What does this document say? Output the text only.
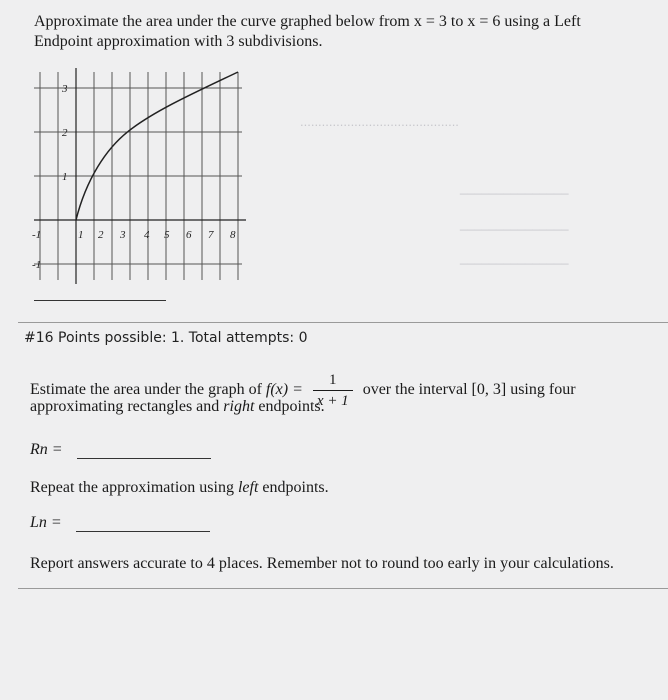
Approximate the area under the curve graphed below from x = 3 to x = 6 using a Left
Endpoint approximation with 3 subdivisions.
............................................
_______________
_______________
_______________
3
2
1
-1
-1	1 2 3 4 5 6 7 8
#16 Points possible: 1. Total attempts: 0
Estimate the area under the graph of $f(x) = \frac{1}{x + 1}$ over the interval [0, 3] using four
approximating rectangles and right endpoints.
Rn =
Repeat the approximation using left endpoints.
Ln =
Report answers accurate to 4 places. Remember not to round too early in your calculations.
